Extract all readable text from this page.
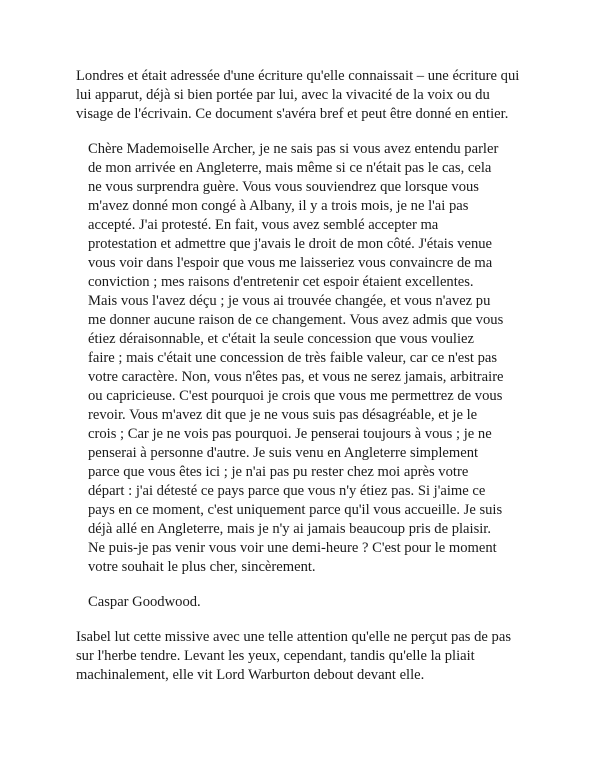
Londres et était adressée d'une écriture qu'elle connaissait – une écriture qui

lui apparut, déjà si bien portée par lui, avec la vivacité de la voix ou du

visage de l'écrivain. Ce document s'avéra bref et peut être donné en entier.

Chère Mademoiselle Archer, je ne sais pas si vous avez entendu parler

de mon arrivée en Angleterre, mais même si ce n'était pas le cas, cela

ne vous surprendra guère. Vous vous souviendrez que lorsque vous

m'avez donné mon congé à Albany, il y a trois mois, je ne l'ai pas

accepté. J'ai protesté. En fait, vous avez semblé accepter ma

protestation et admettre que j'avais le droit de mon côté. J'étais venue

vous voir dans l'espoir que vous me laisseriez vous convaincre de ma

conviction ; mes raisons d'entretenir cet espoir étaient excellentes.

Mais vous l'avez déçu ; je vous ai trouvée changée, et vous n'avez pu

me donner aucune raison de ce changement. Vous avez admis que vous

étiez déraisonnable, et c'était la seule concession que vous vouliez

faire ; mais c'était une concession de très faible valeur, car ce n'est pas

votre caractère. Non, vous n'êtes pas, et vous ne serez jamais, arbitraire

ou capricieuse. C'est pourquoi je crois que vous me permettrez de vous

revoir. Vous m'avez dit que je ne vous suis pas désagréable, et je le

crois ; Car je ne vois pas pourquoi. Je penserai toujours à vous ; je ne

penserai à personne d'autre. Je suis venu en Angleterre simplement

parce que vous êtes ici ; je n'ai pas pu rester chez moi après votre

départ : j'ai détesté ce pays parce que vous n'y étiez pas. Si j'aime ce

pays en ce moment, c'est uniquement parce qu'il vous accueille. Je suis

déjà allé en Angleterre, mais je n'y ai jamais beaucoup pris de plaisir.

Ne puis-je pas venir vous voir une demi-heure ? C'est pour le moment

votre souhait le plus cher, sincèrement.

Caspar Goodwood.

Isabel lut cette missive avec une telle attention qu'elle ne perçut pas de pas

sur l'herbe tendre. Levant les yeux, cependant, tandis qu'elle la pliait

machinalement, elle vit Lord Warburton debout devant elle.
